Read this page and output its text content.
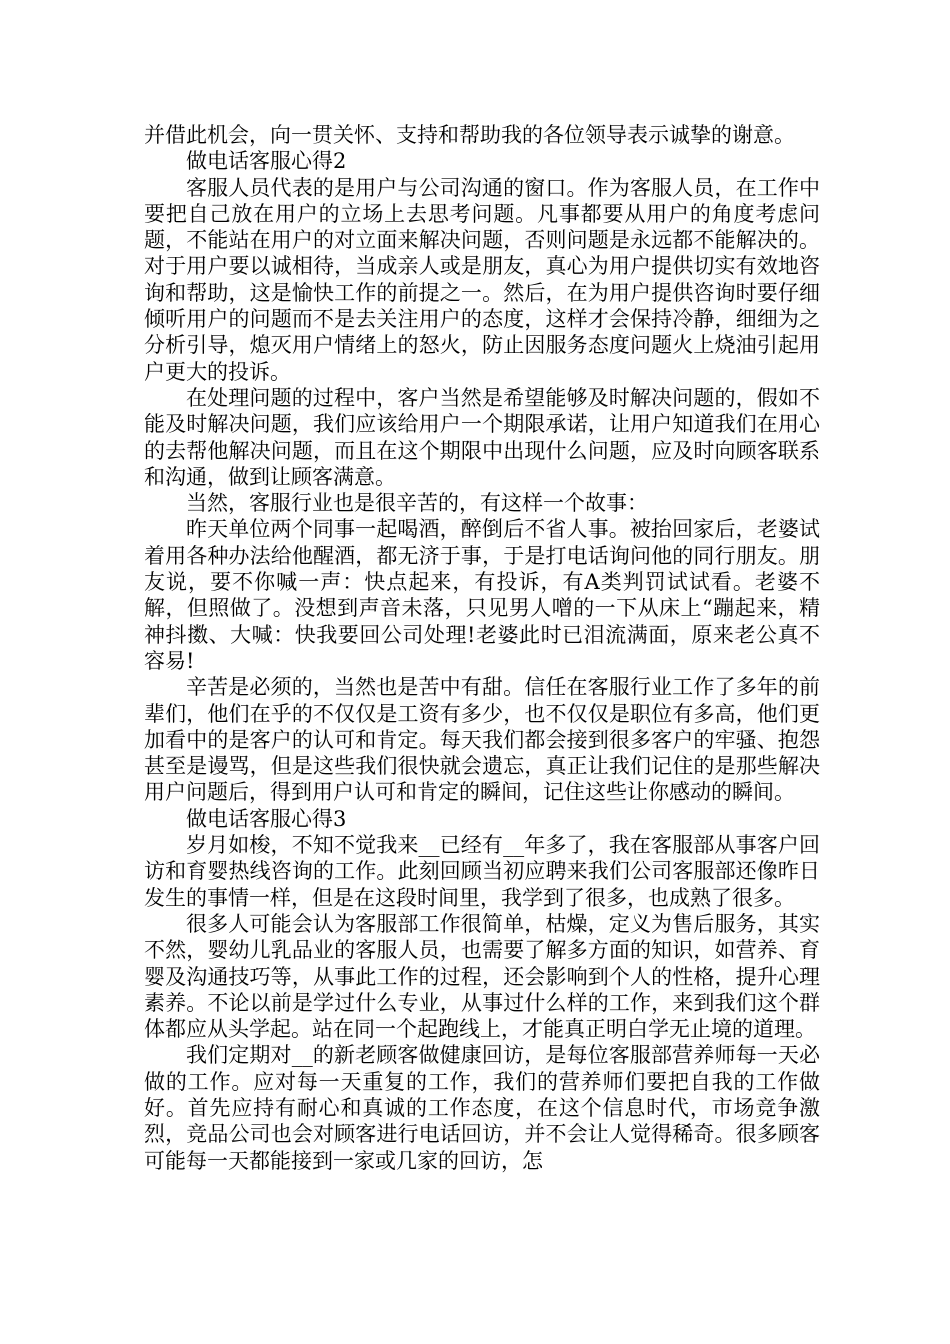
并借此机会，向一贯关怀、支持和帮助我的各位领导表示诚挚的谢意。

做电话客服心得2

客服人员代表的是用户与公司沟通的窗口。作为客服人员，在工作中要把自己放在用户的立场上去思考问题。凡事都要从用户的角度考虑问题，不能站在用户的对立面来解决问题，否则问题是永远都不能解决的。对于用户要以诚相待，当成亲人或是朋友，真心为用户提供切实有效地咨询和帮助，这是愉快工作的前提之一。然后，在为用户提供咨询时要仔细倾听用户的问题而不是去关注用户的态度，这样才会保持冷静，细细为之分析引导，熄灭用户情绪上的怒火，防止因服务态度问题火上烧油引起用户更大的投诉。

在处理问题的过程中，客户当然是希望能够及时解决问题的，假如不能及时解决问题，我们应该给用户一个期限承诺，让用户知道我们在用心的去帮他解决问题，而且在这个期限中出现什么问题，应及时向顾客联系和沟通，做到让顾客满意。

当然，客服行业也是很辛苦的，有这样一个故事：

昨天单位两个同事一起喝酒，醉倒后不省人事。被抬回家后，老婆试着用各种办法给他醒酒，都无济于事，于是打电话询问他的同行朋友。朋友说，要不你喊一声：快点起来，有投诉，有A类判罚试试看。老婆不解，但照做了。没想到声音未落，只见男人噌的一下从床上“蹦起来，精神抖擞、大喊：快我要回公司处理!老婆此时已泪流满面，原来老公真不容易!

辛苦是必须的，当然也是苦中有甜。信任在客服行业工作了多年的前辈们，他们在乎的不仅仅是工资有多少，也不仅仅是职位有多高，他们更加看中的是客户的认可和肯定。每天我们都会接到很多客户的牢骚、抱怨甚至是谩骂，但是这些我们很快就会遗忘，真正让我们记住的是那些解决用户问题后，得到用户认可和肯定的瞬间，记住这些让你感动的瞬间。

做电话客服心得3

岁月如梭，不知不觉我来__已经有__年多了，我在客服部从事客户回访和育婴热线咨询的工作。此刻回顾当初应聘来我们公司客服部还像昨日发生的事情一样，但是在这段时间里，我学到了很多，也成熟了很多。

很多人可能会认为客服部工作很简单，枯燥，定义为售后服务，其实不然，婴幼儿乳品业的客服人员，也需要了解多方面的知识，如营养、育婴及沟通技巧等，从事此工作的过程，还会影响到个人的性格，提升心理素养。不论以前是学过什么专业，从事过什么样的工作，来到我们这个群体都应从头学起。站在同一个起跑线上，才能真正明白学无止境的道理。

我们定期对__的新老顾客做健康回访，是每位客服部营养师每一天必做的工作。应对每一天重复的工作，我们的营养师们要把自我的工作做好。首先应持有耐心和真诚的工作态度，在这个信息时代，市场竞争激烈，竞品公司也会对顾客进行电话回访，并不会让人觉得稀奇。很多顾客可能每一天都能接到一家或几家的回访，怎
